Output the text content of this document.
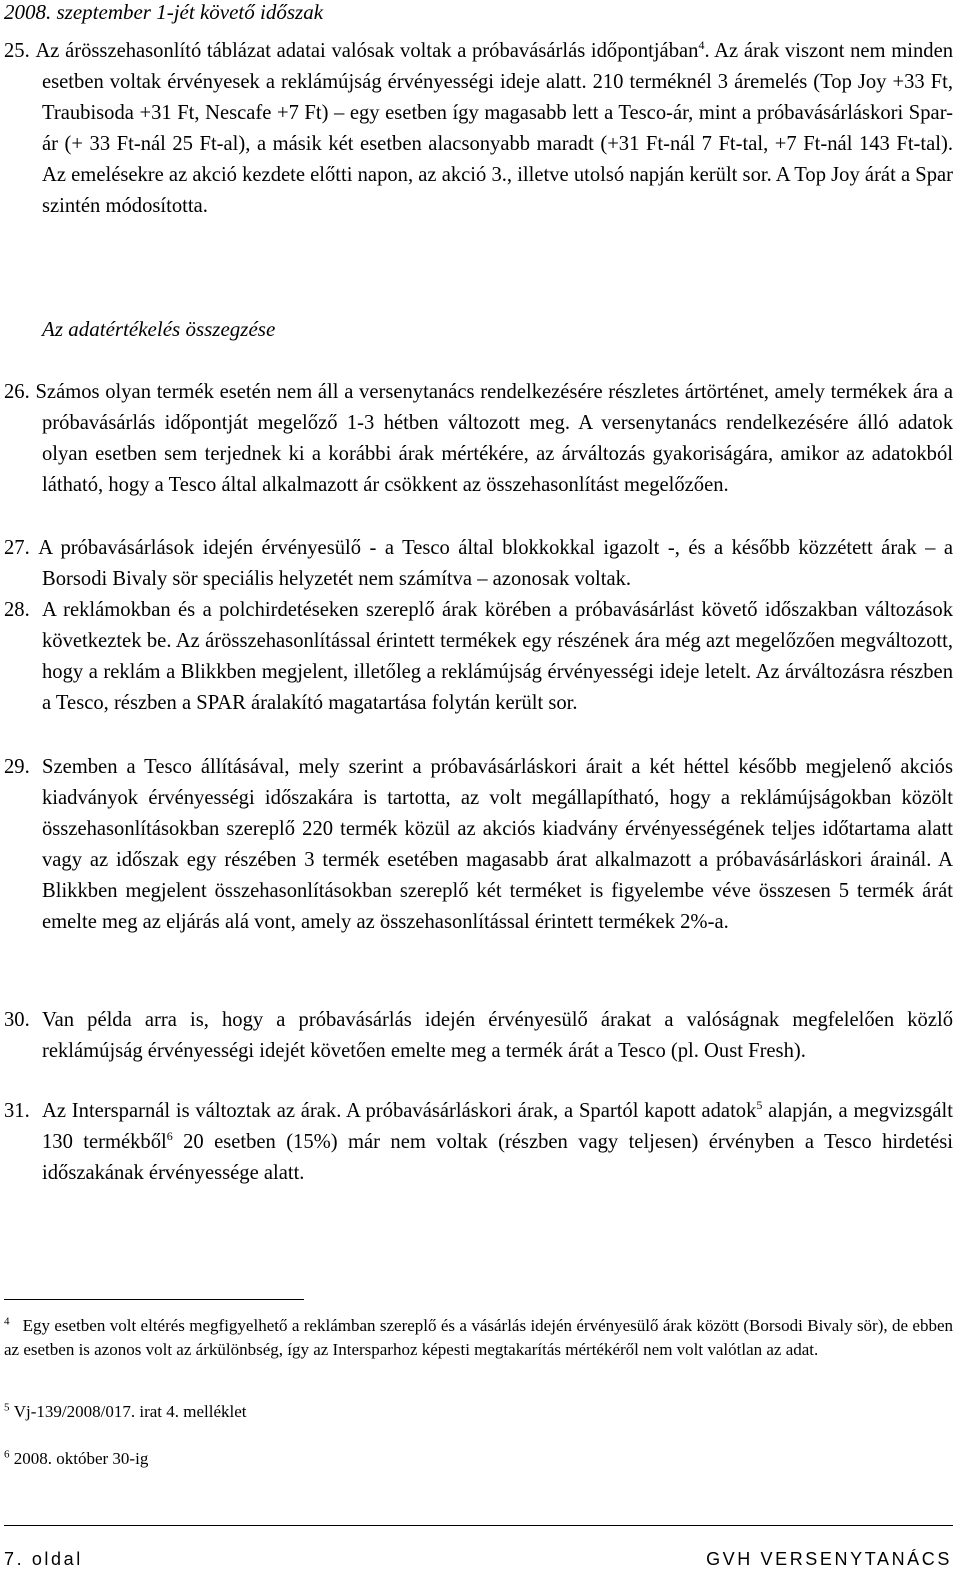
2008. szeptember 1-jét követő időszak
25. Az árösszehasonlító táblázat adatai valósak voltak a próbavásárlás időpontjában$^4$. Az árak viszont nem minden esetben voltak érvényesek a reklámújság érvényességi ideje alatt. 210 terméknél 3 áremelés (Top Joy +33 Ft, Traubisoda +31 Ft, Nescafe +7 Ft) – egy esetben így magasabb lett a Tesco-ár, mint a próbavásárláskori Spar-ár (+ 33 Ft-nál 25 Ft-al), a másik két esetben alacsonyabb maradt (+31 Ft-nál 7 Ft-tal, +7 Ft-nál 143 Ft-tal). Az emelésekre az akció kezdete előtti napon, az akció 3., illetve utolsó napján került sor. A Top Joy árát a Spar szintén módosította.
Az adatértékelés összegzése
26. Számos olyan termék esetén nem áll a versenytanács rendelkezésére részletes ártörténet, amely termékek ára a próbavásárlás időpontját megelőző 1-3 hétben változott meg. A versenytanács rendelkezésére álló adatok olyan esetben sem terjednek ki a korábbi árak mértékére, az árváltozás gyakoriságára, amikor az adatokból látható, hogy a Tesco által alkalmazott ár csökkent az összehasonlítást megelőzően.
27. A próbavásárlások idején érvényesülő - a Tesco által blokkokkal igazolt -, és a később közzétett árak – a Borsodi Bivaly sör speciális helyzetét nem számítva – azonosak voltak.
28. A reklámokban és a polchirdetéseken szereplő árak körében a próbavásárlást követő időszakban változások következtek be. Az árösszehasonlítással érintett termékek egy részének ára még azt megelőzően megváltozott, hogy a reklám a Blikkben megjelent, illetőleg a reklámújság érvényességi ideje letelt. Az árváltozásra részben a Tesco, részben a SPAR áralakító magatartása folytán került sor.
29. Szemben a Tesco állításával, mely szerint a próbavásárláskori árait a két héttel később megjelenő akciós kiadványok érvényességi időszakára is tartotta, az volt megállapítható, hogy a reklámújságokban közölt összehasonlításokban szereplő 220 termék közül az akciós kiadvány érvényességének teljes időtartama alatt vagy az időszak egy részében 3 termék esetében magasabb árat alkalmazott a próbavásárláskori árainál. A Blikkben megjelent összehasonlításokban szereplő két terméket is figyelembe véve összesen 5 termék árát emelte meg az eljárás alá vont, amely az összehasonlítással érintett termékek 2%-a.
30. Van példa arra is, hogy a próbavásárlás idején érvényesülő árakat a valóságnak megfelelően közlő reklámújság érvényességi idejét követően emelte meg a termék árát a Tesco (pl. Oust Fresh).
31. Az Intersparnál is változtak az árak. A próbavásárláskori árak, a Spartól kapott adatok$^5$ alapján, a megvizsgált 130 termékből$^6$ 20 esetben (15%) már nem voltak (részben vagy teljesen) érvényben a Tesco hirdetési időszakának érvényessége alatt.
$^4$ Egy esetben volt eltérés megfigyelhető a reklámban szereplő és a vásárlás idején érvényesülő árak között (Borsodi Bivaly sör), de ebben az esetben is azonos volt az árkülönbség, így az Intersparhoz képesti megtakarítás mértékéről nem volt valótlan az adat.
$^5$ Vj-139/2008/017. irat 4. melléklet
$^6$ 2008. október 30-ig
7. oldal	GVH VERSENYTANÁCS
